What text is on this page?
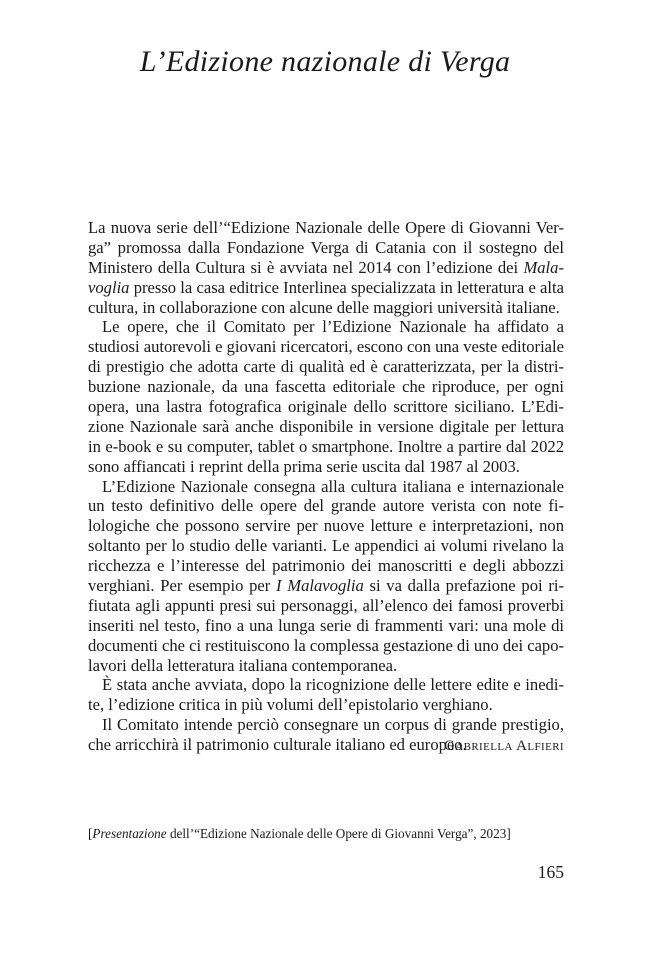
L’Edizione nazionale di Verga
La nuova serie dell’“Edizione Nazionale delle Opere di Giovanni Ver-
ga” promossa dalla Fondazione Verga di Catania con il sostegno del
Ministero della Cultura si è avviata nel 2014 con l’edizione dei Mala-
voglia presso la casa editrice Interlinea specializzata in letteratura e alta
cultura, in collaborazione con alcune delle maggiori università italiane.
Le opere, che il Comitato per l’Edizione Nazionale ha affidato a
studiosi autorevoli e giovani ricercatori, escono con una veste editoriale
di prestigio che adotta carte di qualità ed è caratterizzata, per la distri-
buzione nazionale, da una fascetta editoriale che riproduce, per ogni
opera, una lastra fotografica originale dello scrittore siciliano. L’Edi-
zione Nazionale sarà anche disponibile in versione digitale per lettura
in e-book e su computer, tablet o smartphone. Inoltre a partire dal 2022
sono affiancati i reprint della prima serie uscita dal 1987 al 2003.
L’Edizione Nazionale consegna alla cultura italiana e internazionale
un testo definitivo delle opere del grande autore verista con note fi-
lologiche che possono servire per nuove letture e interpretazioni, non
soltanto per lo studio delle varianti. Le appendici ai volumi rivelano la
ricchezza e l’interesse del patrimonio dei manoscritti e degli abbozzi
verghiani. Per esempio per I Malavoglia si va dalla prefazione poi ri-
fiutata agli appunti presi sui personaggi, all’elenco dei famosi proverbi
inseriti nel testo, fino a una lunga serie di frammenti vari: una mole di
documenti che ci restituiscono la complessa gestazione di uno dei capo-
lavori della letteratura italiana contemporanea.
È stata anche avviata, dopo la ricognizione delle lettere edite e inedi-
te, l’edizione critica in più volumi dell’epistolario verghiano.
Il Comitato intende perciò consegnare un corpus di grande prestigio,
che arricchirà il patrimonio culturale italiano ed europeo.
Gabriella Alfieri
[Presentazione dell’“Edizione Nazionale delle Opere di Giovanni Verga”, 2023]
165
